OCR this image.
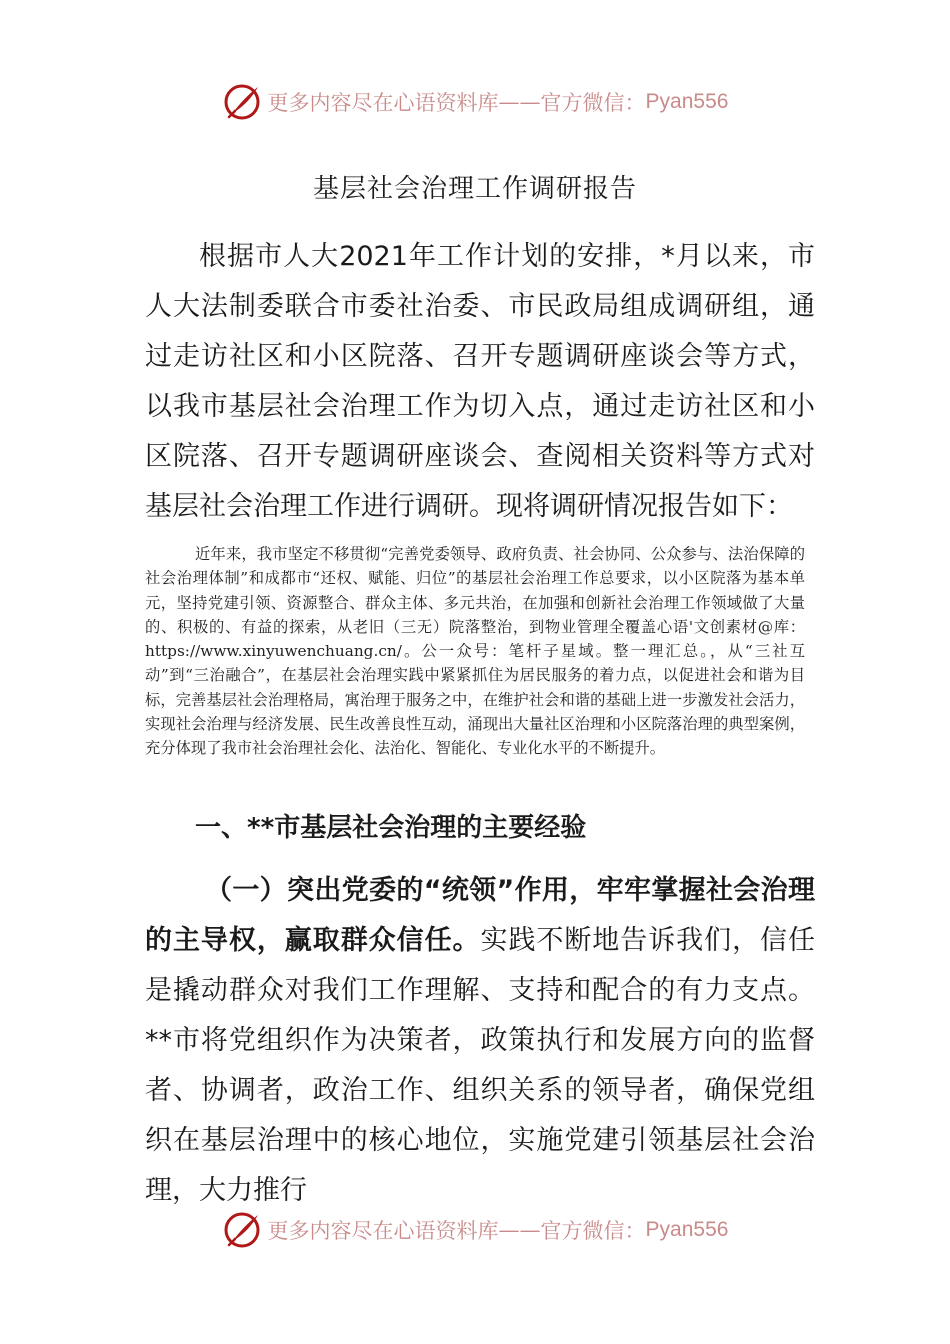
更多内容尽在心语资料库 —— 官方微信： Pyan556
基层社会治理工作调研报告
根据市人大2021年工作计划的安排，*月以来，市人大法制委联合市委社治委、市民政局组成调研组，通过走访社区和小区院落、召开专题调研座谈会等方式，以我市基层社会治理工作为切入点，通过走访社区和小区院落、召开专题调研座谈会、查阅相关资料等方式对基层社会治理工作进行调研。现将调研情况报告如下：
近年来，我市坚定不移贯彻“完善党委领导、政府负责、社会协同、公众参与、法治保障的社会治理体制”和成都市“还权、赋能、归位”的基层社会治理工作总要求，以小区院落为基本单元，坚持党建引领、资源整合、群众主体、多元共治，在加强和创新社会治理工作领域做了大量的、积极的、有益的探索，从老旧（三无）院落整治，到物业管理全覆盖心语'文创素材@库：https://www.xinyuwenchuang.cn/。公一众号：笔杆子星域。整一理汇总。，从“三社互动”到“三治融合”，在基层社会治理实践中紧紧抓住为居民服务的着力点，以促进社会和谐为目标，完善基层社会治理格局，寓治理于服务之中，在维护社会和谐的基础上进一步激发社会活力，实现社会治理与经济发展、民生改善良性互动，涌现出大量社区治理和小区院落治理的典型案例，充分体现了我市社会治理社会化、法治化、智能化、专业化水平的不断提升。
一、**市基层社会治理的主要经验
（一）突出党委的“统领”作用，牢牢掌握社会治理的主导权，赢取群众信任。实践不断地告诉我们，信任是撬动群众对我们工作理解、支持和配合的有力支点。**市将党组织作为决策者，政策执行和发展方向的监督者、协调者，政治工作、组织关系的领导者，确保党组织在基层治理中的核心地位，实施党建引领基层社会治理，大力推行
更多内容尽在心语资料库 —— 官方微信： Pyan556
